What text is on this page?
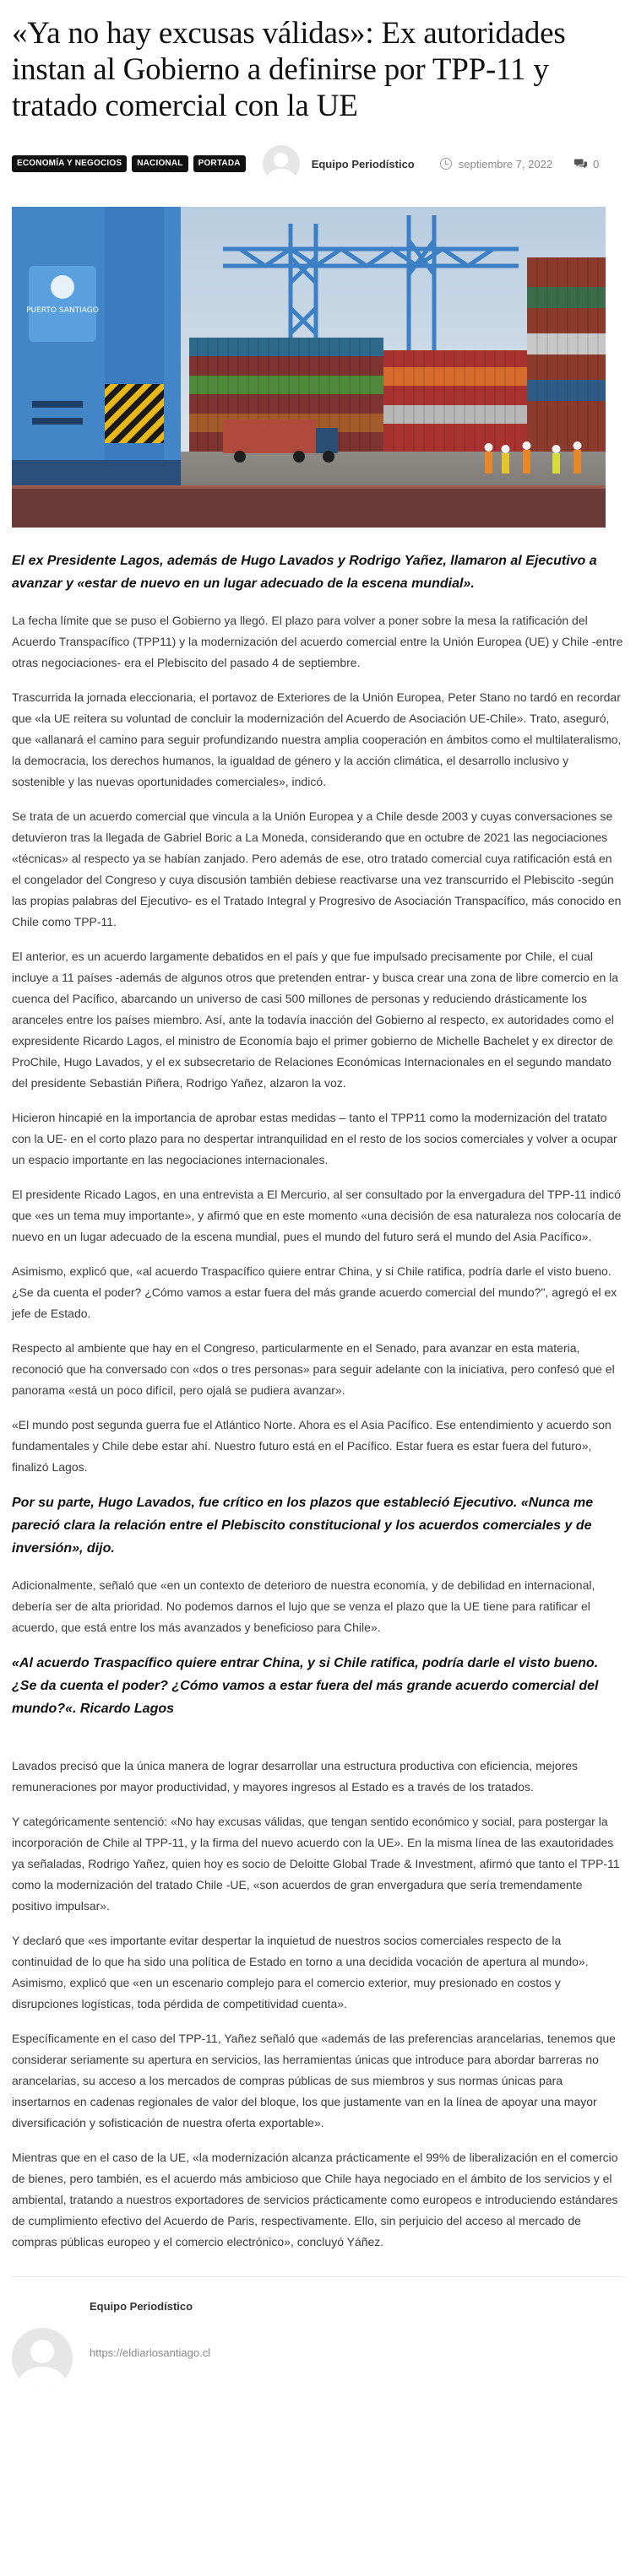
«Ya no hay excusas válidas»: Ex autoridades instan al Gobierno a definirse por TPP-11 y tratado comercial con la UE
ECONOMÍA Y NEGOCIOS	NACIONAL	PORTADA	Equipo Periodístico	septiembre 7, 2022	0
PUERTO SANTIAGO

El ex Presidente Lagos, además de Hugo Lavados y Rodrigo Yañez, llamaron al Ejecutivo a avanzar y «estar de nuevo en un lugar adecuado de la escena mundial».

La fecha límite que se puso el Gobierno ya llegó. El plazo para volver a poner sobre la mesa la ratificación del Acuerdo Transpacífico (TPP11) y la modernización del acuerdo comercial entre la Unión Europea (UE) y Chile -entre otras negociaciones- era el Plebiscito del pasado 4 de septiembre.

Trascurrida la jornada eleccionaria, el portavoz de Exteriores de la Unión Europea, Peter Stano no tardó en recordar que «la UE reitera su voluntad de concluir la modernización del Acuerdo de Asociación UE-Chile». Trato, aseguró, que «allanará el camino para seguir profundizando nuestra amplia cooperación en ámbitos como el multilateralismo, la democracia, los derechos humanos, la igualdad de género y la acción climática, el desarrollo inclusivo y sostenible y las nuevas oportunidades comerciales», indicó.

Se trata de un acuerdo comercial que vincula a la Unión Europea y a Chile desde 2003 y cuyas conversaciones se detuvieron tras la llegada de Gabriel Boric a La Moneda, considerando que en octubre de 2021 las negociaciones «técnicas» al respecto ya se habían zanjado. Pero además de ese, otro tratado comercial cuya ratificación está en el congelador del Congreso y cuya discusión también debiese reactivarse una vez transcurrido el Plebiscito -según las propias palabras del Ejecutivo- es el Tratado Integral y Progresivo de Asociación Transpacífico, más conocido en Chile como TPP-11.

El anterior, es un acuerdo largamente debatidos en el país y que fue impulsado precisamente por Chile, el cual incluye a 11 países -además de algunos otros que pretenden entrar- y busca crear una zona de libre comercio en la cuenca del Pacífico, abarcando un universo de casi 500 millones de personas y reduciendo drásticamente los aranceles entre los países miembro. Así, ante la todavía inacción del Gobierno al respecto, ex autoridades como el expresidente Ricardo Lagos, el ministro de Economía bajo el primer gobierno de Michelle Bachelet y ex director de ProChile, Hugo Lavados, y el ex subsecretario de Relaciones Económicas Internacionales en el segundo mandato del presidente Sebastián Piñera, Rodrigo Yañez, alzaron la voz.

Hicieron hincapié en la importancia de aprobar estas medidas – tanto el TPP11 como la modernización del tratato con la UE- en el corto plazo para no despertar intranquilidad en el resto de los socios comerciales y volver a ocupar un espacio importante en las negociaciones internacionales.

El presidente Ricado Lagos, en una entrevista a El Mercurio, al ser consultado por la envergadura del TPP-11 indicó que «es un tema muy importante», y afirmó que en este momento «una decisión de esa naturaleza nos colocaría de nuevo en un lugar adecuado de la escena mundial, pues el mundo del futuro será el mundo del Asia Pacífico».

Asimismo, explicó que, «al acuerdo Traspacífico quiere entrar China, y si Chile ratifica, podría darle el visto bueno. ¿Se da cuenta el poder? ¿Cómo vamos a estar fuera del más grande acuerdo comercial del mundo?", agregó el ex jefe de Estado.

Respecto al ambiente que hay en el Congreso, particularmente en el Senado, para avanzar en esta materia, reconoció que ha conversado con «dos o tres personas» para seguir adelante con la iniciativa, pero confesó que el panorama «está un poco difícil, pero ojalá se pudiera avanzar».

«El mundo post segunda guerra fue el Atlántico Norte. Ahora es el Asia Pacífico. Ese entendimiento y acuerdo son fundamentales y Chile debe estar ahí. Nuestro futuro está en el Pacífico. Estar fuera es estar fuera del futuro», finalizó Lagos.

Por su parte, Hugo Lavados, fue crítico en los plazos que estableció Ejecutivo. «Nunca me pareció clara la relación entre el Plebiscito constitucional y los acuerdos comerciales y de inversión», dijo.

Adicionalmente, señaló que «en un contexto de deterioro de nuestra economía, y de debilidad en internacional, debería ser de alta prioridad. No podemos darnos el lujo que se venza el plazo que la UE tiene para ratificar el acuerdo, que está entre los más avanzados y beneficioso para Chile».

«Al acuerdo Traspacífico quiere entrar China, y si Chile ratifica, podría darle el visto bueno. ¿Se da cuenta el poder? ¿Cómo vamos a estar fuera del más grande acuerdo comercial del mundo?«. Ricardo Lagos

Lavados precisó que la única manera de lograr desarrollar una estructura productiva con eficiencia, mejores remuneraciones por mayor productividad, y mayores ingresos al Estado es a través de los tratados.

Y categóricamente sentenció: «No hay excusas válidas, que tengan sentido económico y social, para postergar la incorporación de Chile al TPP-11, y la firma del nuevo acuerdo con la UE». En la misma línea de las exautoridades ya señaladas, Rodrigo Yañez, quien hoy es socio de Deloitte Global Trade & Investment, afirmó que tanto el TPP-11 como la modernización del tratado Chile -UE, «son acuerdos de gran envergadura que sería tremendamente positivo impulsar».

Y declaró que «es importante evitar despertar la inquietud de nuestros socios comerciales respecto de la continuidad de lo que ha sido una política de Estado en torno a una decidida vocación de apertura al mundo». Asimismo, explicó que «en un escenario complejo para el comercio exterior, muy presionado en costos y disrupciones logísticas, toda pérdida de competitividad cuenta».

Específicamente en el caso del TPP-11, Yañez señaló que «además de las preferencias arancelarias, tenemos que considerar seriamente su apertura en servicios, las herramientas únicas que introduce para abordar barreras no arancelarias, su acceso a los mercados de compras públicas de sus miembros y sus normas únicas para insertarnos en cadenas regionales de valor del bloque, los que justamente van en la línea de apoyar una mayor diversificación y sofisticación de nuestra oferta exportable».

Mientras que en el caso de la UE, «la modernización alcanza prácticamente el 99% de liberalización en el comercio de bienes, pero también, es el acuerdo más ambicioso que Chile haya negociado en el ámbito de los servicios y el ambiental, tratando a nuestros exportadores de servicios prácticamente como europeos e introduciendo estándares de cumplimiento efectivo del Acuerdo de Paris, respectivamente. Ello, sin perjuicio del acceso al mercado de compras públicas europeo y el comercio electrónico», concluyó Yáñez.

Equipo Periodístico
https://eldiariosantiago.cl
